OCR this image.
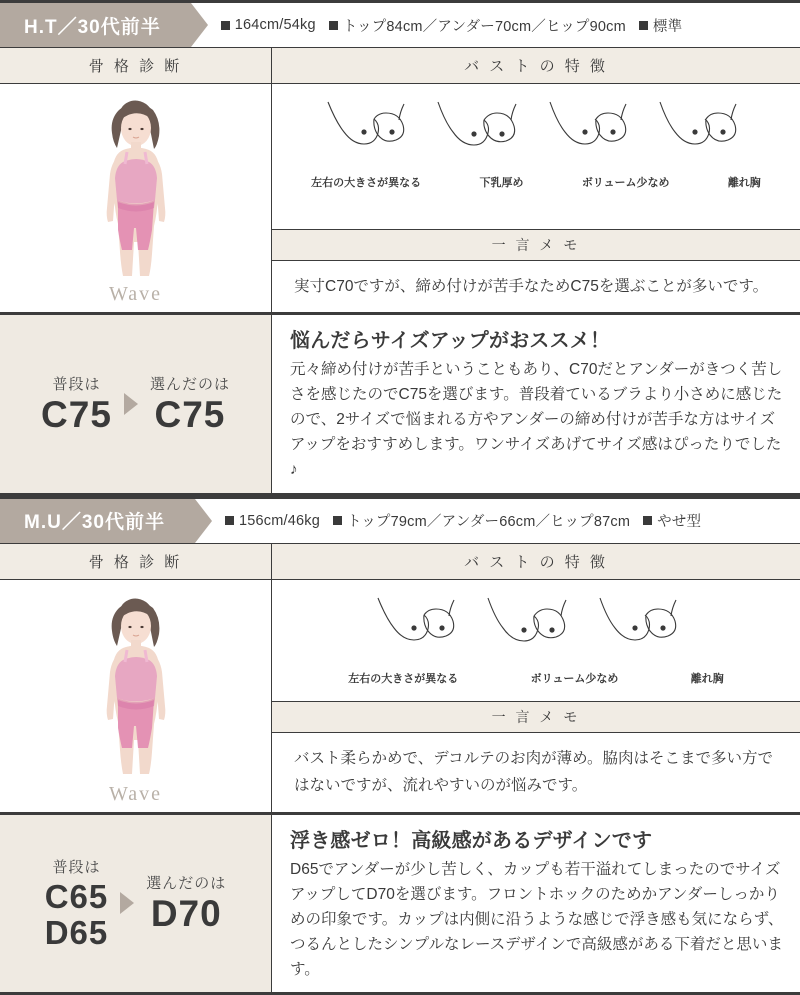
H.T／30代前半	164cm/54kg トップ84cm／アンダー70cm／ヒップ90cm 標準
骨 格 診 断	バ ス ト の 特 徴
Wave
左右の大きさが異なる	下乳厚め	ボリューム少なめ	離れ胸
一 言 メ モ
実寸C70ですが、締め付けが苦手なためC75を選ぶことが多いです。
普段は
C75
選んだのは
C75
悩んだらサイズアップがおススメ！
元々締め付けが苦手ということもあり、C70だとアンダーがきつく苦しさを感じたのでC75を選びます。普段着ているブラより小さめに感じたので、2サイズで悩まれる方やアンダーの締め付けが苦手な方はサイズアップをおすすめします。ワンサイズあげてサイズ感はぴったりでした♪
M.U／30代前半	156cm/46kg トップ79cm／アンダー66cm／ヒップ87cm やせ型
骨 格 診 断	バ ス ト の 特 徴
Wave
左右の大きさが異なる	ボリューム少なめ	離れ胸
一 言 メ モ
バスト柔らかめで、デコルテのお肉が薄め。脇肉はそこまで多い方ではないですが、流れやすいのが悩みです。
普段は
C65
D65
選んだのは
D70
浮き感ゼロ！高級感があるデザインです
D65でアンダーが少し苦しく、カップも若干溢れてしまったのでサイズアップしてD70を選びます。フロントホックのためかアンダーしっかりめの印象です。カップは内側に沿うような感じで浮き感も気にならず、つるんとしたシンプルなレースデザインで高級感がある下着だと思います。
